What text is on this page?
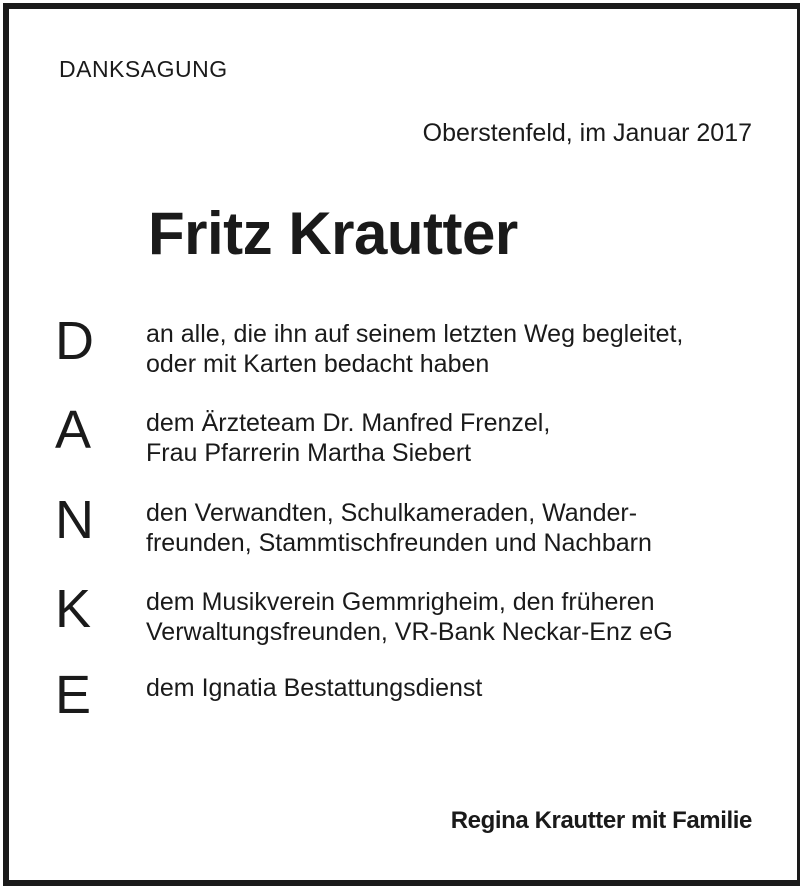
DANKSAGUNG
Oberstenfeld, im Januar 2017
Fritz Krautter
D an alle, die ihn auf seinem letzten Weg begleitet,
oder mit Karten bedacht haben
A dem Ärzteteam Dr. Manfred Frenzel,
Frau Pfarrerin Martha Siebert
N den Verwandten, Schulkameraden, Wander-
freunden, Stammtischfreunden und Nachbarn
K dem Musikverein Gemmrigheim, den früheren
Verwaltungsfreunden, VR-Bank Neckar-Enz eG
E dem Ignatia Bestattungsdienst
Regina Krautter mit Familie
